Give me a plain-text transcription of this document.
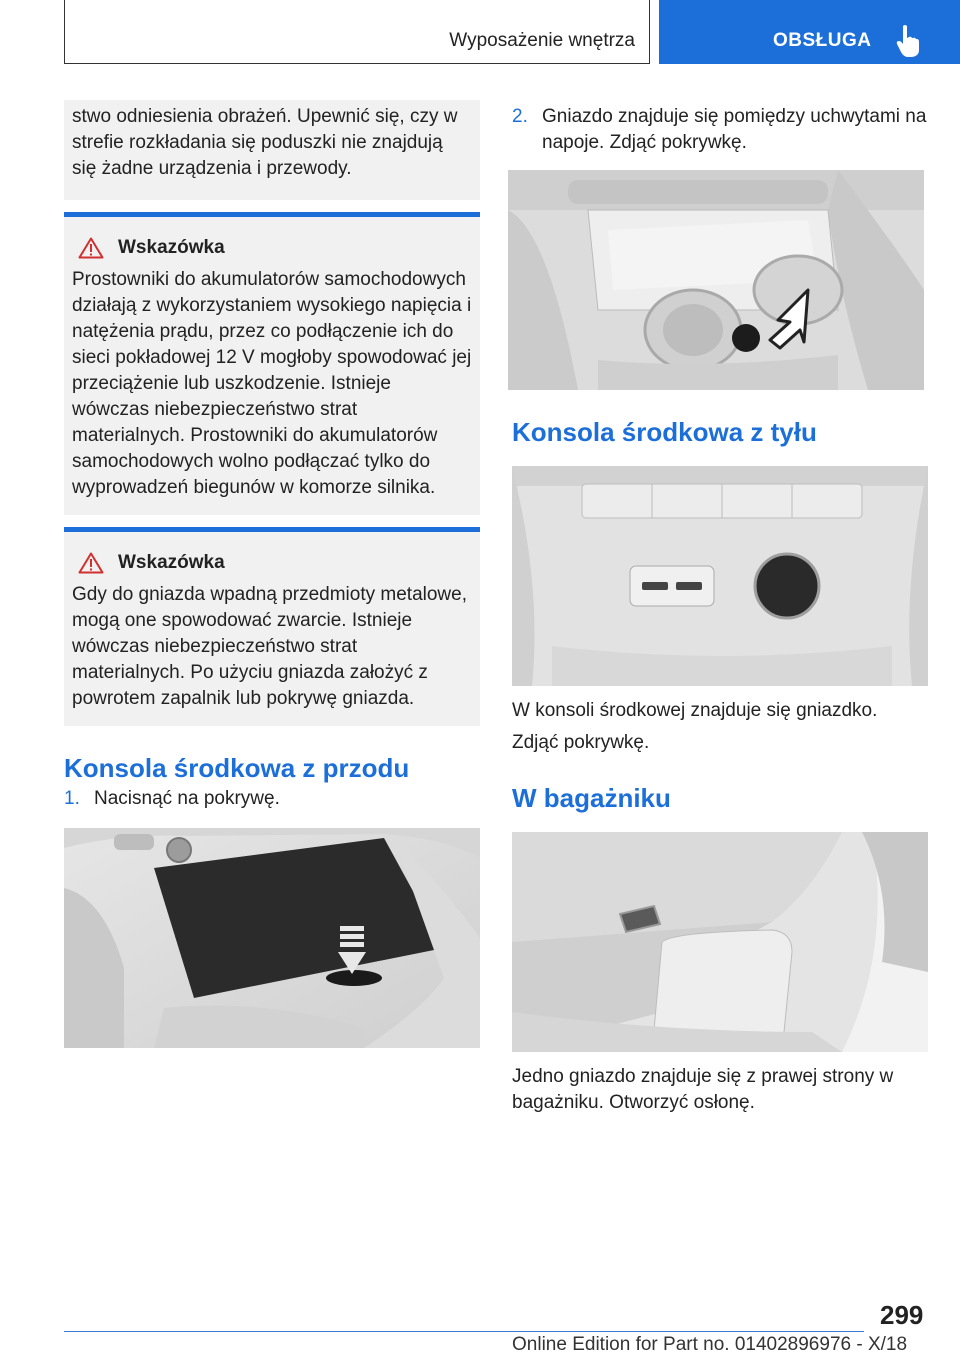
Wyposażenie wnętrza	OBSŁUGA

stwo odniesienia obrażeń. Upewnić się, czy w strefie rozkładania się poduszki nie znajdują się żadne urządzenia i przewody.

Wskazówka

Prostowniki do akumulatorów samochodowych działają z wykorzystaniem wysokiego napięcia i natężenia prądu, przez co podłączenie ich do sieci pokładowej 12 V mogłoby spowodować jej przeciążenie lub uszkodzenie. Istnieje wówczas niebezpieczeństwo strat materialnych. Prostowniki do akumulatorów samochodowych wolno podłączać tylko do wyprowadzeń biegunów w komorze silnika.

Wskazówka

Gdy do gniazda wpadną przedmioty metalowe, mogą one spowodować zwarcie. Istnieje wówczas niebezpieczeństwo strat materialnych. Po użyciu gniazda założyć z powrotem zapalnik lub pokrywę gniazda.

Konsola środkowa z przodu
1. Nacisnąć na pokrywę.
2. Gniazdo znajduje się pomiędzy uchwytami na napoje. Zdjąć pokrywkę.
Konsola środkowa z tyłu

W konsoli środkowej znajduje się gniazdko.

Zdjąć pokrywkę.

W bagażniku

Jedno gniazdo znajduje się z prawej strony w bagażniku. Otworzyć osłonę.

299
Online Edition for Part no. 01402896976 - X/18
